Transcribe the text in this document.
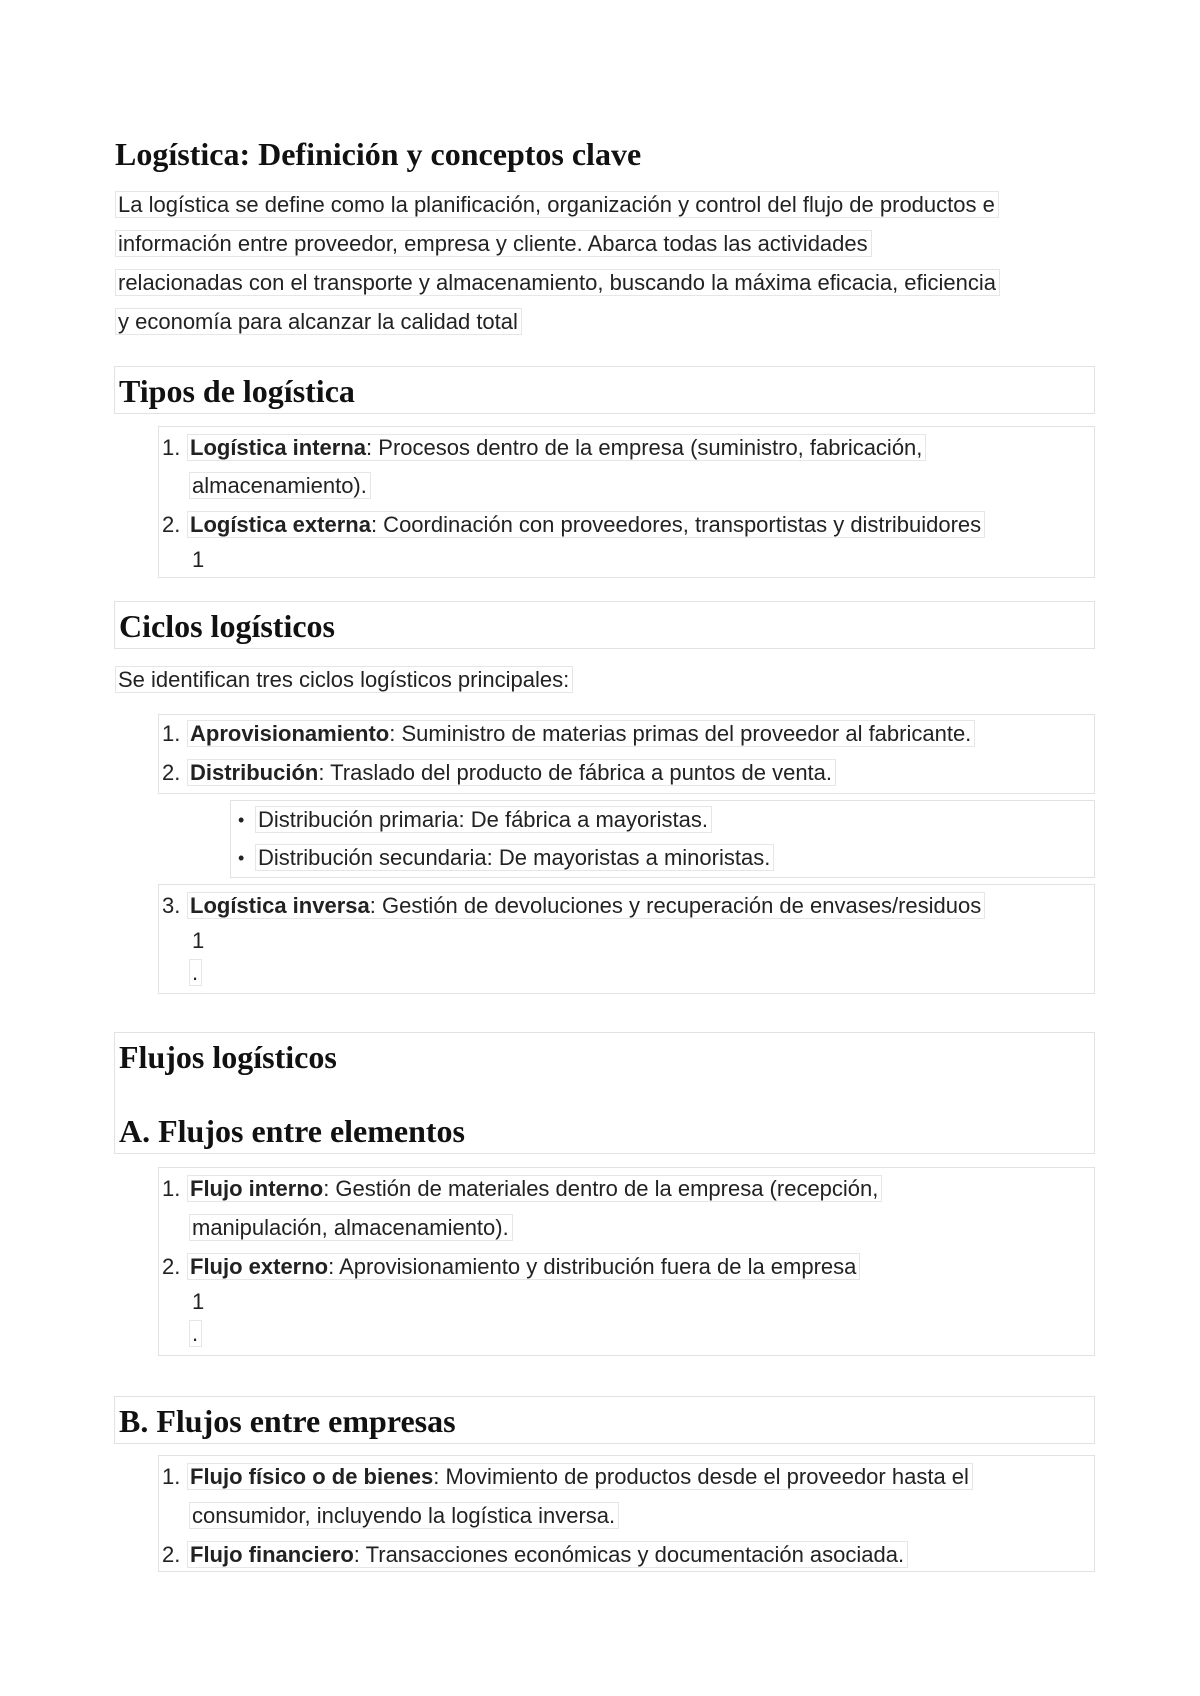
Logística: Definición y conceptos clave
La logística se define como la planificación, organización y control del flujo de productos e
información entre proveedor, empresa y cliente. Abarca todas las actividades
relacionadas con el transporte y almacenamiento, buscando la máxima eficacia, eficiencia
y economía para alcanzar la calidad total
Tipos de logística
1. Logística interna: Procesos dentro de la empresa (suministro, fabricación,
almacenamiento).
2. Logística externa: Coordinación con proveedores, transportistas y distribuidores
1
Ciclos logísticos
Se identifican tres ciclos logísticos principales:
1. Aprovisionamiento: Suministro de materias primas del proveedor al fabricante.
2. Distribución: Traslado del producto de fábrica a puntos de venta.
• Distribución primaria: De fábrica a mayoristas.
• Distribución secundaria: De mayoristas a minoristas.
3. Logística inversa: Gestión de devoluciones y recuperación de envases/residuos
1
.
Flujos logísticos
A. Flujos entre elementos
1. Flujo interno: Gestión de materiales dentro de la empresa (recepción,
manipulación, almacenamiento).
2. Flujo externo: Aprovisionamiento y distribución fuera de la empresa
1
.
B. Flujos entre empresas
1. Flujo físico o de bienes: Movimiento de productos desde el proveedor hasta el
consumidor, incluyendo la logística inversa.
2. Flujo financiero: Transacciones económicas y documentación asociada.
